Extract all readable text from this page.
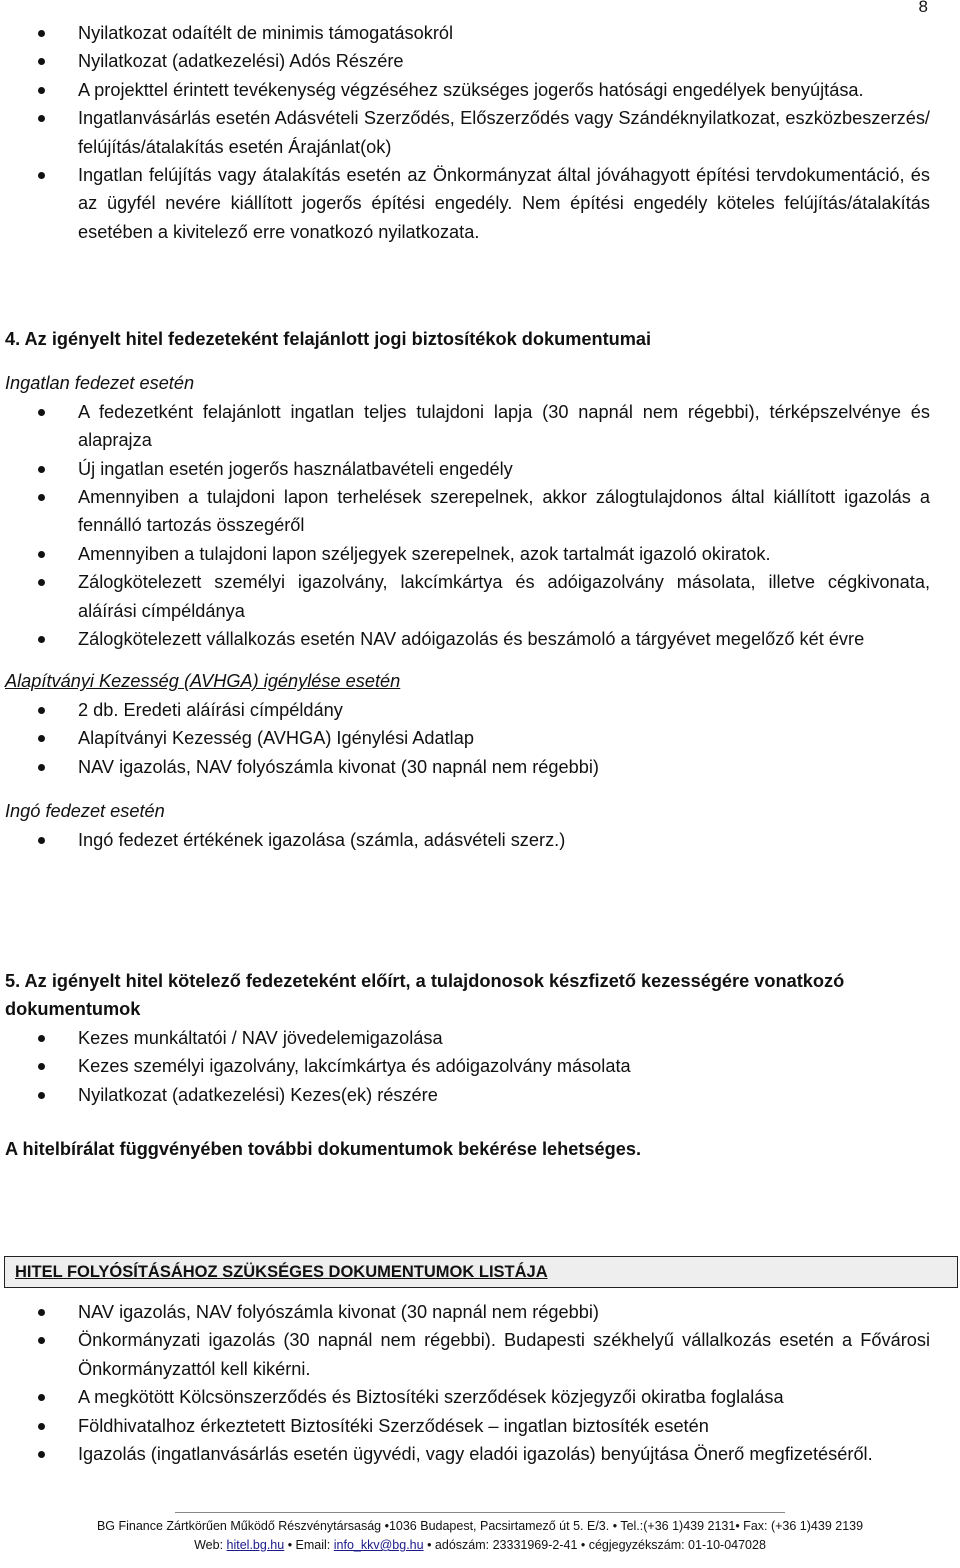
8
Nyilatkozat odaítélt de minimis támogatásokról
Nyilatkozat (adatkezelési) Adós Részére
A projekttel érintett tevékenység végzéséhez szükséges jogerős hatósági engedélyek benyújtása.
Ingatlanvásárlás esetén Adásvételi Szerződés, Előszerződés vagy Szándéknyilatkozat, eszközbeszerzés/ felújítás/átalakítás esetén Árajánlat(ok)
Ingatlan felújítás vagy átalakítás esetén az Önkormányzat által jóváhagyott építési tervdokumentáció, és az ügyfél nevére kiállított jogerős építési engedély. Nem építési engedély köteles felújítás/átalakítás esetében a kivitelező erre vonatkozó nyilatkozata.
4. Az igényelt hitel fedezeteként felajánlott jogi biztosítékok dokumentumai
Ingatlan fedezet esetén
A fedezetként felajánlott ingatlan teljes tulajdoni lapja (30 napnál nem régebbi), térképszelvénye és alaprajza
Új ingatlan esetén jogerős használatbavételi engedély
Amennyiben a tulajdoni lapon terhelések szerepelnek, akkor zálogtulajdonos által kiállított igazolás a fennálló tartozás összegéről
Amennyiben a tulajdoni lapon széljegyek szerepelnek, azok tartalmát igazoló okiratok.
Zálogkötelezett személyi igazolvány, lakcímkártya és adóigazolvány másolata, illetve cégkivonata, aláírási címpéldánya
Zálogkötelezett vállalkozás esetén NAV adóigazolás és beszámoló a tárgyévet megelőző két évre
Alapítványi Kezesség (AVHGA) igénylése esetén
2 db. Eredeti aláírási címpéldány
Alapítványi Kezesség (AVHGA) Igénylési Adatlap
NAV igazolás, NAV folyószámla kivonat (30 napnál nem régebbi)
Ingó fedezet esetén
Ingó fedezet értékének igazolása (számla, adásvételi szerz.)
5. Az igényelt hitel kötelező fedezeteként előírt, a tulajdonosok készfizető kezességére vonatkozó dokumentumok
Kezes munkáltatói / NAV jövedelemigazolása
Kezes személyi igazolvány, lakcímkártya és adóigazolvány másolata
Nyilatkozat (adatkezelési) Kezes(ek) részére
A hitelbírálat függvényében további dokumentumok bekérése lehetséges.
HITEL FOLYÓSÍTÁSÁHOZ SZÜKSÉGES DOKUMENTUMOK LISTÁJA
NAV igazolás, NAV folyószámla kivonat (30 napnál nem régebbi)
Önkormányzati igazolás (30 napnál nem régebbi). Budapesti székhelyű vállalkozás esetén a Fővárosi Önkormányzattól kell kikérni.
A megkötött Kölcsönszerződés és Biztosítéki szerződések közjegyzői okiratba foglalása
Földhivatalhoz érkeztetett Biztosítéki Szerződések – ingatlan biztosíték esetén
Igazolás (ingatlanvásárlás esetén ügyvédi, vagy eladói igazolás) benyújtása Önerő megfizetéséről.
BG Finance Zártkörűen Működő Részvénytársaság •1036 Budapest, Pacsirtamező út 5. E/3. • Tel.:(+36 1)439 2131• Fax: (+36 1)439 2139
Web: hitel.bg.hu • Email: info_kkv@bg.hu • adószám: 23331969-2-41 • cégjegyzékszám: 01-10-047028
